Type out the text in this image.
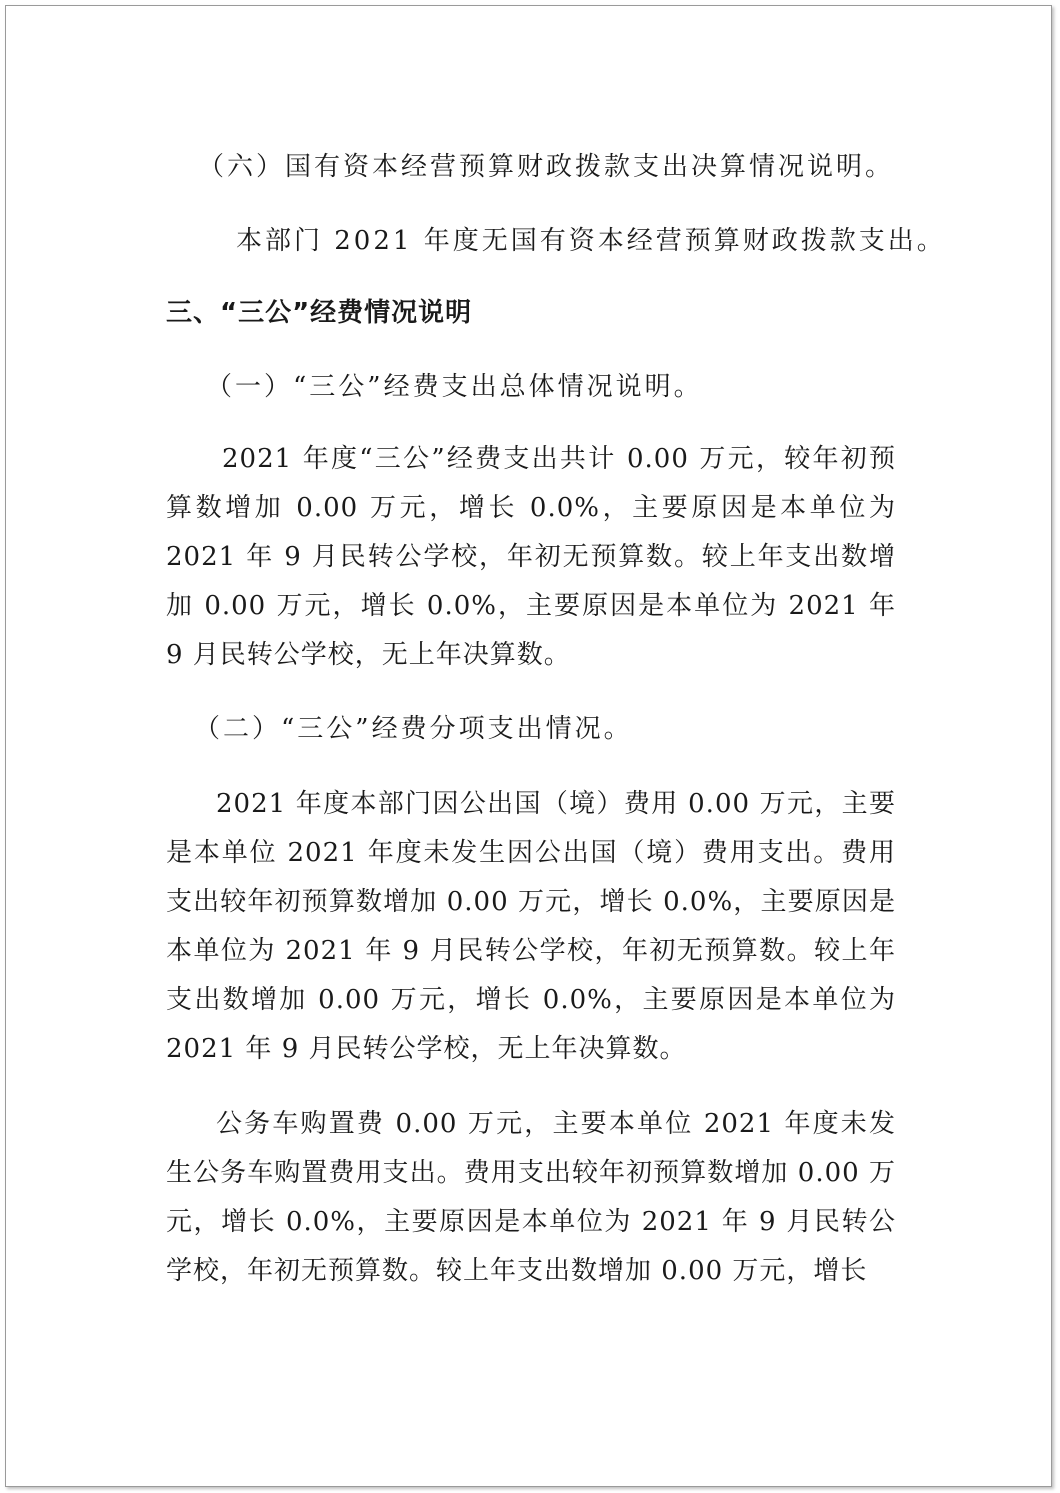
（六）国有资本经营预算财政拨款支出决算情况说明。

本部门 2021 年度无国有资本经营预算财政拨款支出。

三、“三公”经费情况说明

（一）“三公”经费支出总体情况说明。

2021 年度“三公”经费支出共计 0.00 万元，较年初预算数增加 0.00 万元，增长 0.0%，主要原因是本单位为 2021 年 9 月民转公学校，年初无预算数。较上年支出数增加 0.00 万元，增长 0.0%，主要原因是本单位为 2021 年 9 月民转公学校，无上年决算数。

（二）“三公”经费分项支出情况。

2021 年度本部门因公出国（境）费用 0.00 万元，主要是本单位 2021 年度未发生因公出国（境）费用支出。费用支出较年初预算数增加 0.00 万元，增长 0.0%，主要原因是本单位为 2021 年 9 月民转公学校，年初无预算数。较上年支出数增加 0.00 万元，增长 0.0%，主要原因是本单位为 2021 年 9 月民转公学校，无上年决算数。

公务车购置费 0.00 万元，主要本单位 2021 年度未发生公务车购置费用支出。费用支出较年初预算数增加 0.00 万元，增长 0.0%，主要原因是本单位为 2021 年 9 月民转公学校，年初无预算数。较上年支出数增加 0.00 万元，增长
